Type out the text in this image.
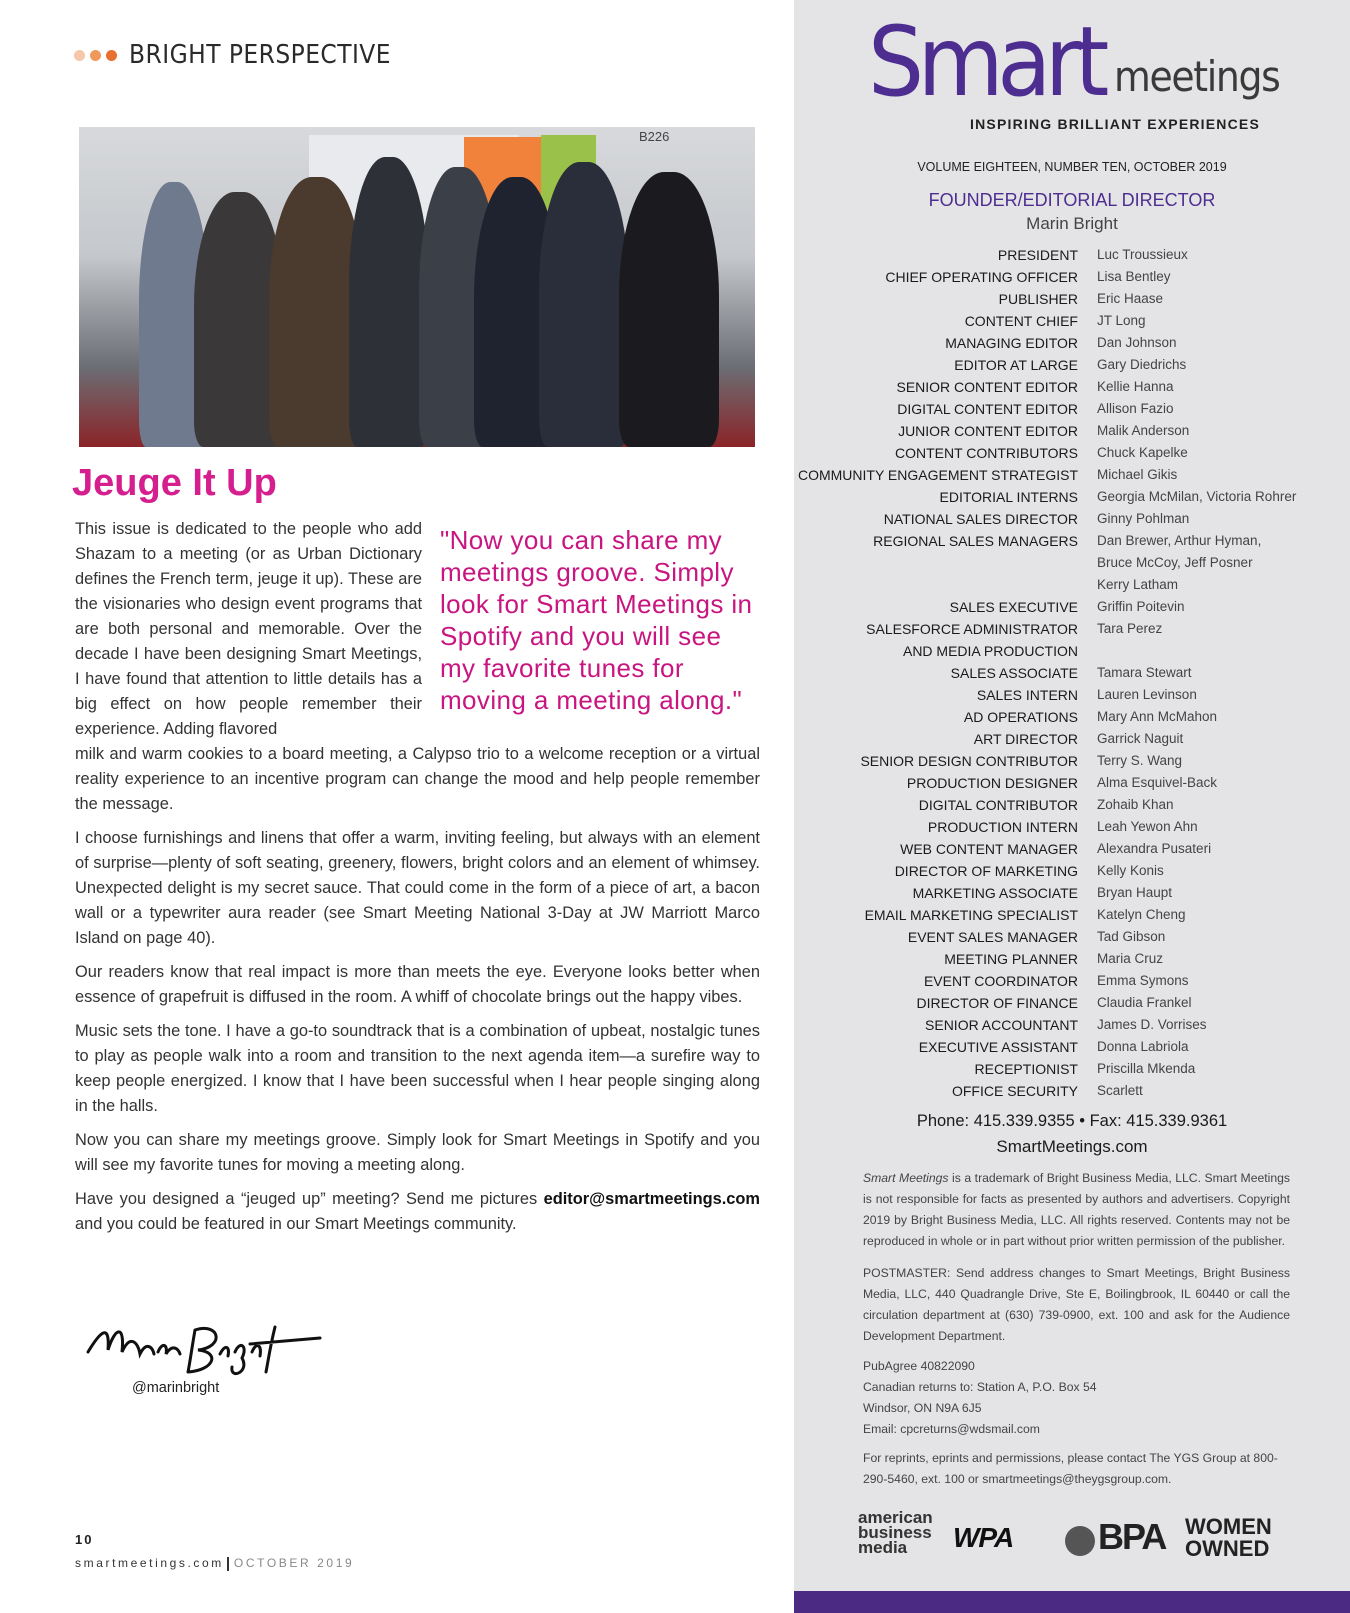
BRIGHT PERSPECTIVE
B226
Jeuge It Up

This issue is dedicated to the people who add Shazam to a meeting (or as Urban Dictionary defines the French term, jeuge it up). These are the visionaries who design event programs that are both personal and memorable. Over the decade I have been designing Smart Meetings, I have found that attention to little details has a big effect on how people remember their experience. Adding flavored

"Now you can share my meetings groove. Simply look for Smart Meetings in Spotify and you will see my favorite tunes for moving a meeting along."

milk and warm cookies to a board meeting, a Calypso trio to a welcome reception or a virtual reality experience to an incentive program can change the mood and help people remember the message.

I choose furnishings and linens that offer a warm, inviting feeling, but always with an element of surprise—plenty of soft seating, greenery, flowers, bright colors and an element of whimsey. Unexpected delight is my secret sauce. That could come in the form of a piece of art, a bacon wall or a typewriter aura reader (see Smart Meeting National 3-Day at JW Marriott Marco Island on page 40).

Our readers know that real impact is more than meets the eye. Everyone looks better when essence of grapefruit is diffused in the room. A whiff of chocolate brings out the happy vibes.

Music sets the tone. I have a go-to soundtrack that is a combination of upbeat, nostalgic tunes to play as people walk into a room and transition to the next agenda item—a surefire way to keep people energized. I know that I have been successful when I hear people singing along in the halls.

Now you can share my meetings groove. Simply look for Smart Meetings in Spotify and you will see my favorite tunes for moving a meeting along.

Have you designed a “jeuged up” meeting? Send me pictures editor@smartmeetings.com and you could be featured in our Smart Meetings community.

@marinbright
10
smartmeetings.com OCTOBER 2019
Smart meetings
INSPIRING BRILLIANT EXPERIENCES
VOLUME EIGHTEEN, NUMBER TEN, OCTOBER 2019
FOUNDER/EDITORIAL DIRECTOR
Marin Bright
PRESIDENT	Luc Troussieux
CHIEF OPERATING OFFICER	Lisa Bentley
PUBLISHER	Eric Haase
CONTENT CHIEF	JT Long
MANAGING EDITOR	Dan Johnson
EDITOR AT LARGE	Gary Diedrichs
SENIOR CONTENT EDITOR	Kellie Hanna
DIGITAL CONTENT EDITOR	Allison Fazio
JUNIOR CONTENT EDITOR	Malik Anderson
CONTENT CONTRIBUTORS	Chuck Kapelke
COMMUNITY ENGAGEMENT STRATEGIST	Michael Gikis
EDITORIAL INTERNS	Georgia McMilan, Victoria Rohrer
NATIONAL SALES DIRECTOR	Ginny Pohlman
REGIONAL SALES MANAGERS	Dan Brewer, Arthur Hyman,
Bruce McCoy, Jeff Posner
Kerry Latham
SALES EXECUTIVE	Griffin Poitevin
SALESFORCE ADMINISTRATOR	Tara Perez
AND MEDIA PRODUCTION
SALES ASSOCIATE	Tamara Stewart
SALES INTERN	Lauren Levinson
AD OPERATIONS	Mary Ann McMahon
ART DIRECTOR	Garrick Naguit
SENIOR DESIGN CONTRIBUTOR	Terry S. Wang
PRODUCTION DESIGNER	Alma Esquivel-Back
DIGITAL CONTRIBUTOR	Zohaib Khan
PRODUCTION INTERN	Leah Yewon Ahn
WEB CONTENT MANAGER	Alexandra Pusateri
DIRECTOR OF MARKETING	Kelly Konis
MARKETING ASSOCIATE	Bryan Haupt
EMAIL MARKETING SPECIALIST	Katelyn Cheng
EVENT SALES MANAGER	Tad Gibson
MEETING PLANNER	Maria Cruz
EVENT COORDINATOR	Emma Symons
DIRECTOR OF FINANCE	Claudia Frankel
SENIOR ACCOUNTANT	James D. Vorrises
EXECUTIVE ASSISTANT	Donna Labriola
RECEPTIONIST	Priscilla Mkenda
OFFICE SECURITY	Scarlett
Phone: 415.339.9355 • Fax: 415.339.9361
SmartMeetings.com
Smart Meetings is a trademark of Bright Business Media, LLC. Smart Meetings is not responsible for facts as presented by authors and advertisers. Copyright 2019 by Bright Business Media, LLC. All rights reserved. Contents may not be reproduced in whole or in part without prior written permission of the publisher.
POSTMASTER: Send address changes to Smart Meetings, Bright Business Media, LLC, 440 Quadrangle Drive, Ste E, Boilingbrook, IL 60440 or call the circulation department at (630) 739-0900, ext. 100 and ask for the Audience Development Department.
PubAgree 40822090
Canadian returns to: Station A, P.O. Box 54
Windsor, ON N9A 6J5
Email: cpcreturns@wdsmail.com
For reprints, eprints and permissions, please contact The YGS Group at 800-290-5460, ext. 100 or smartmeetings@theygsgroup.com.
american business media	WPA BPA WOMEN OWNED
